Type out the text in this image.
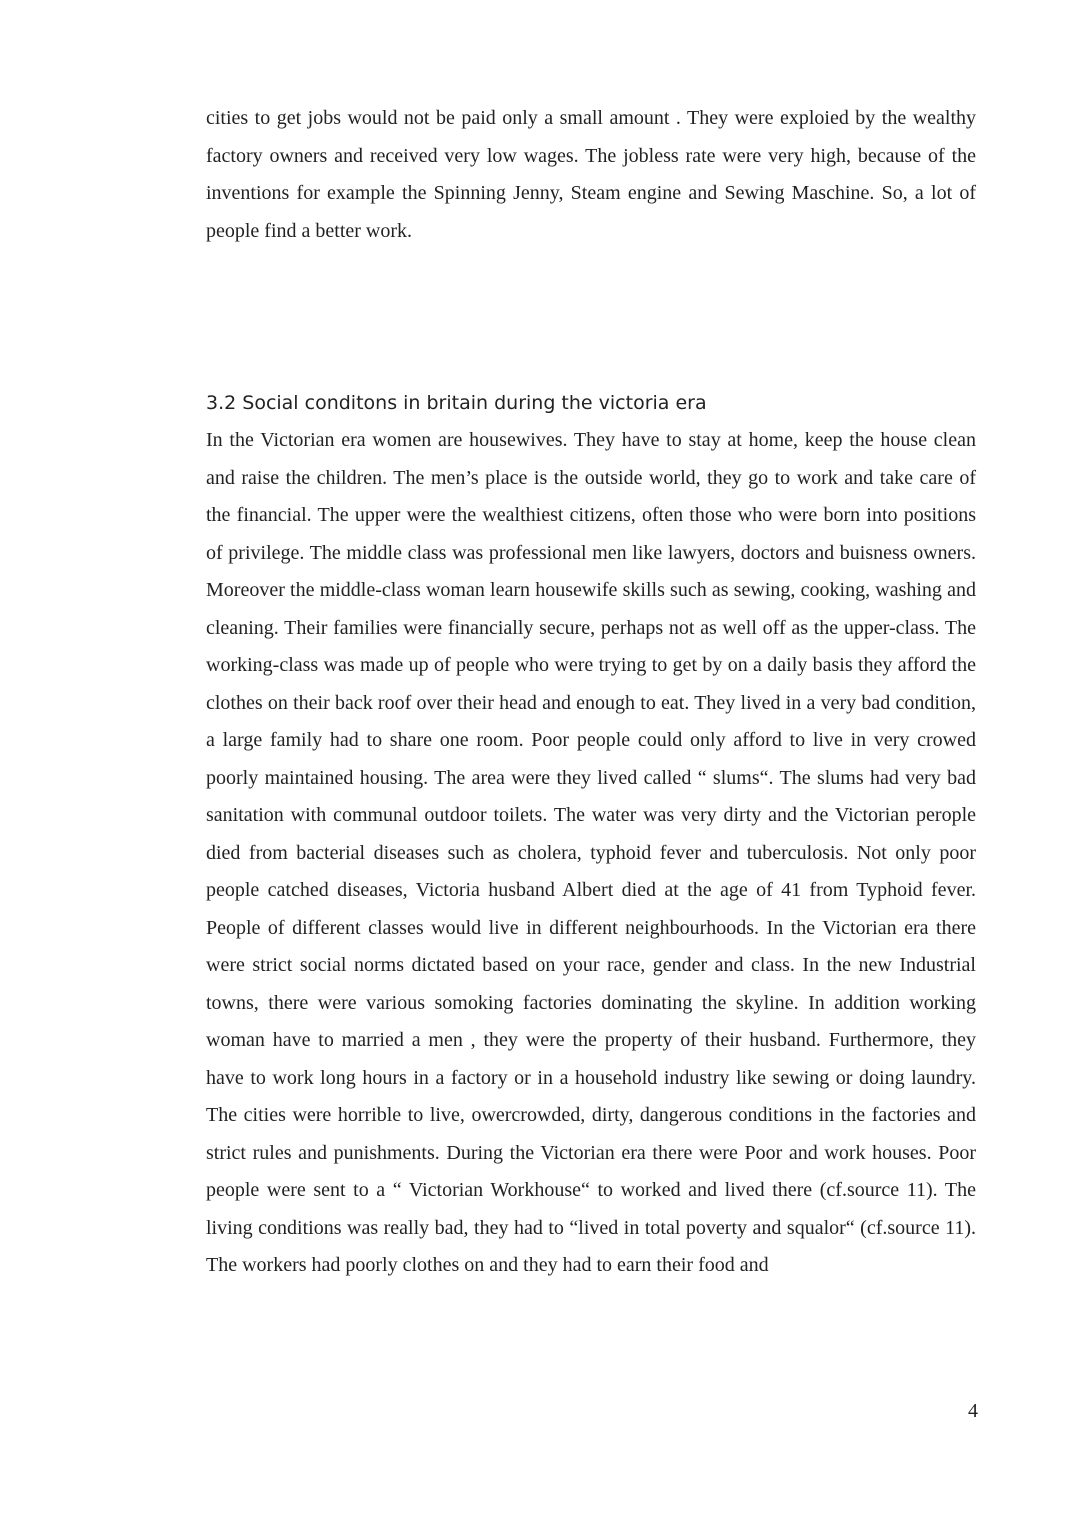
cities to get jobs would not be paid only a small amount . They were exploied by the wealthy factory owners and received very low wages. The jobless rate were very high, because of the inventions for example the Spinning Jenny, Steam engine and Sewing Maschine. So, a lot of people find a better work.

3.2 Social conditons in britain during the victoria era

In the Victorian era women are housewives. They have to stay at home, keep the house clean and raise the children. The men’s place is the outside world, they go to work and take care of the financial. The upper were the wealthiest citizens, often those who were born into positions of privilege. The middle class was professional men like lawyers, doctors and buisness owners. Moreover the middle-class woman learn housewife skills such as sewing, cooking, washing and cleaning. Their families were financially secure, perhaps not as well off as the upper-class. The working-class was made up of people who were trying to get by on a daily basis they afford the clothes on their back roof over their head and enough to eat. They lived in a very bad condition, a large family had to share one room. Poor people could only afford to live in very crowed poorly maintained housing. The area were they lived called “ slums“. The slums had very bad sanitation with communal outdoor toilets. The water was very dirty and the Victorian perople died from bacterial diseases such as cholera, typhoid fever and tuberculosis. Not only poor people catched diseases, Victoria husband Albert died at the age of 41 from Typhoid fever. People of different classes would live in different neighbourhoods. In the Victorian era there were strict social norms dictated based on your race, gender and class. In the new Industrial towns, there were various somoking factories dominating the skyline. In addition working woman have to married a men , they were the property of their husband. Furthermore, they have to work long hours in a factory or in a household industry like sewing or doing laundry. The cities were horrible to live, owercrowded, dirty, dangerous conditions in the factories and strict rules and punishments. During the Victorian era there were Poor and work houses. Poor people were sent to a “ Victorian Workhouse“ to worked and lived there (cf.source 11). The living conditions was really bad, they had to “lived in total poverty and squalor“ (cf.source 11). The workers had poorly clothes on and they had to earn their food and

4
